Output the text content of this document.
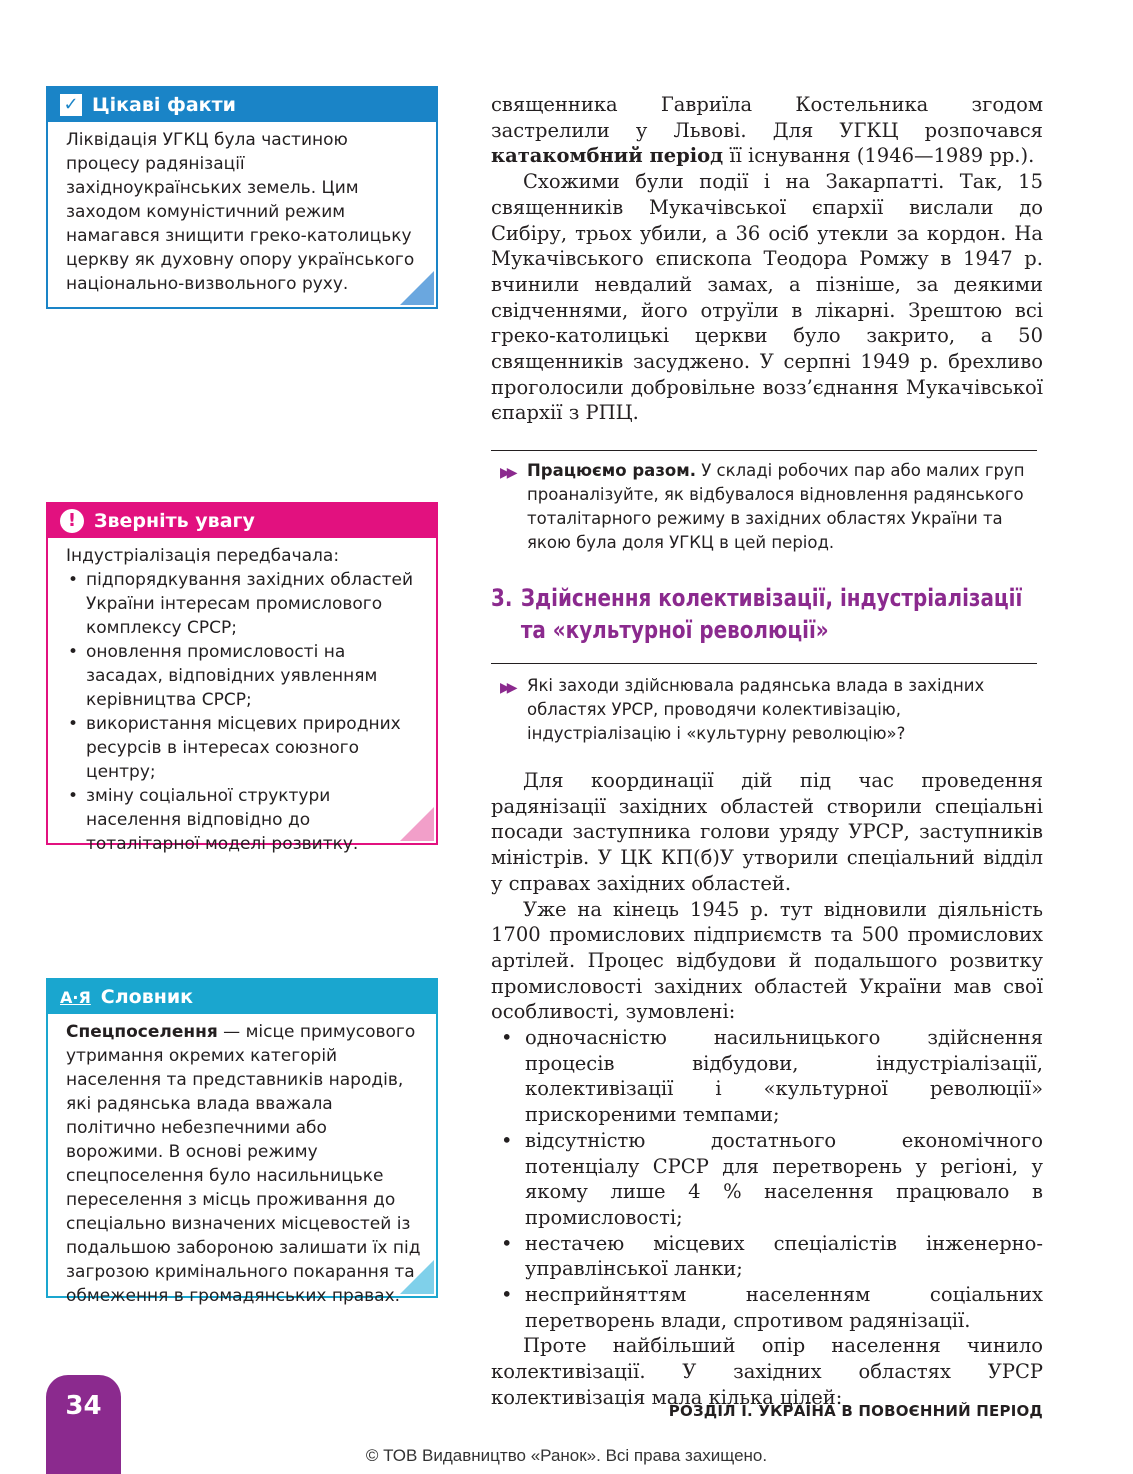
✓ Цікаві факти

Ліквідація УГКЦ була частиною процесу радянізації західноукраїнських земель. Цим заходом комуністичний режим намагався знищити греко-католицьку церкву як духовну опору українського національно-визвольного руху.

! Зверніть увагу

Індустріалізація передбачала:

• підпорядкування західних областей України інтересам промислового комплексу СРСР;
• оновлення промисловості на засадах, відповідних уявленням керівництва СРСР;
• використання місцевих природних ресурсів в інтересах союзного центру;
• зміну соціальної структури населення відповідно до тоталітарної моделі розвитку.
А·Я Словник

Спецпоселення — місце примусового утримання окремих категорій населення та представників народів, які радянська влада вважала політично небезпечними або ворожими. В основі режиму спецпоселення було насильницьке переселення з місць проживання до спеціально визначених місцевостей із подальшою забороною залишати їх під загрозою кримінального покарання та обмеження в громадянських правах.

священника Гавриїла Костельника згодом застрелили у Львові. Для УГКЦ розпочався катакомбний період її існування (1946—1989 рр.).

Схожими були події і на Закарпатті. Так, 15 священників Мукачівської єпархії вислали до Сибіру, трьох убили, а 36 осіб утекли за кордон. На Мукачівського єпископа Теодора Ромжу в 1947 р. вчинили невдалий замах, а пізніше, за деякими свідченнями, його отруїли в лікарні. Зрештою всі греко-католицькі церкви було закрито, а 50 священників засуджено. У серпні 1949 р. брехливо проголосили добровільне возз’єднання Мукачівської єпархії з РПЦ.

▶▶ Працюємо разом. У складі робочих пар або малих груп проаналізуйте, як відбувалося відновлення радянського тоталітарного режиму в західних областях України та якою була доля УГКЦ в цей період.
3. Здійснення колективізації, індустріалізації
та «культурної революції»
▶▶ Які заходи здійснювала радянська влада в західних областях УРСР, проводячи колективізацію, індустріалізацію і «культурну революцію»?

Для координації дій під час проведення радянізації західних областей створили спеціальні посади заступника голови уряду УРСР, заступників міністрів. У ЦК КП(б)У утворили спеціальний відділ у справах західних областей.

Уже на кінець 1945 р. тут відновили діяльність 1700 промислових підприємств та 500 промислових артілей. Процес відбудови й подальшого розвитку промисловості західних областей України мав свої особливості, зумовлені:

• одночасністю насильницького здійснення процесів відбудови, індустріалізації, колективізації і «культурної революції» прискореними темпами;
• відсутністю достатнього економічного потенціалу СРСР для перетворень у регіоні, у якому лише 4 % населення працювало в промисловості;
• нестачею місцевих спеціалістів інженерно-управлінської ланки;
• несприйняттям населенням соціальних перетворень влади, спротивом радянізації.

Проте найбільший опір населення чинило колективізації. У західних областях УРСР колективізація мала кілька цілей:

34	РОЗДІЛ І. УКРАЇНА В ПОВОЄННИЙ ПЕРІОД
© ТОВ Видавництво «Ранок». Всі права захищено.
